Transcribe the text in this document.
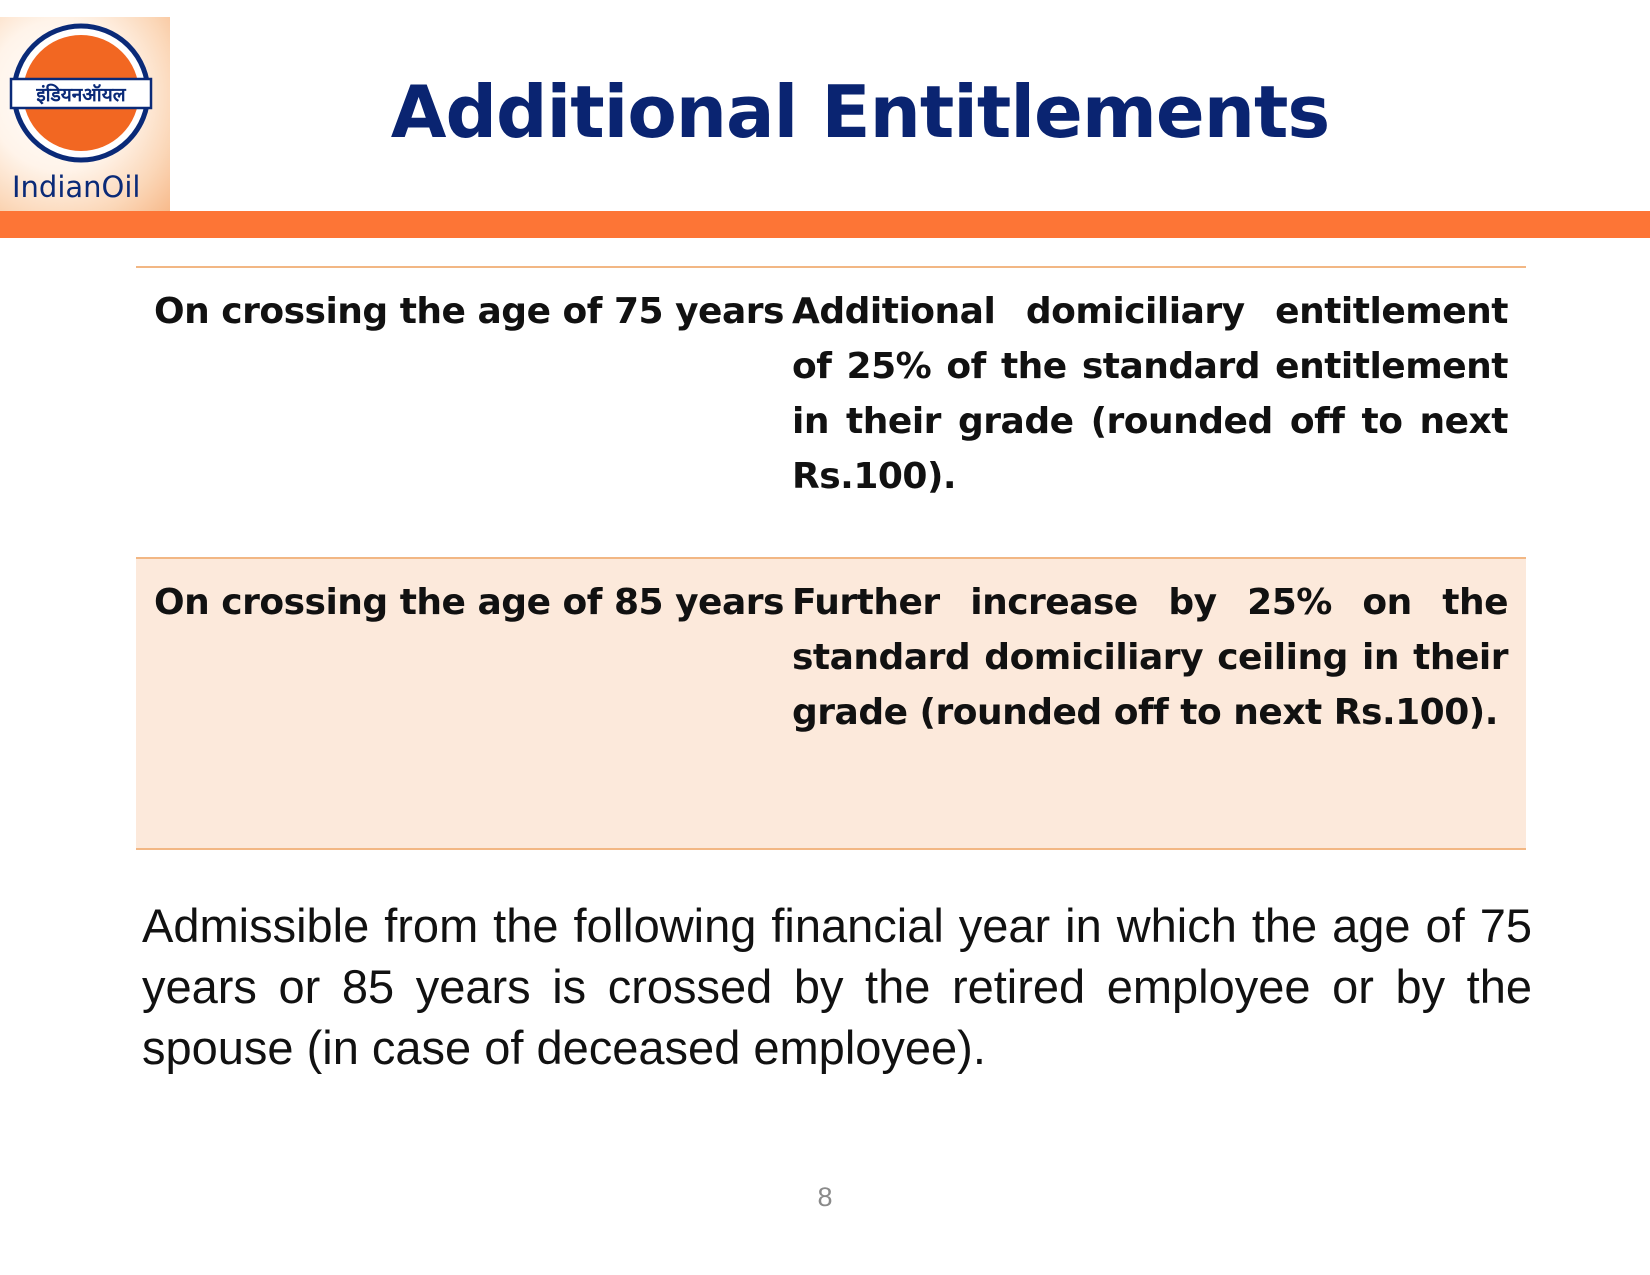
इंडियनऑयल
IndianOil
Additional Entitlements
On crossing the age of 75 years Additional domiciliary entitlement of 25% of the standard entitlement in their grade (rounded off to next Rs.100).
On crossing the age of 85 years Further increase by 25% on the standard domiciliary ceiling in their grade (rounded off to next Rs.100).

Admissible from the following financial year in which the age of 75 years or 85 years is crossed by the retired employee or by the spouse (in case of deceased employee).

8
